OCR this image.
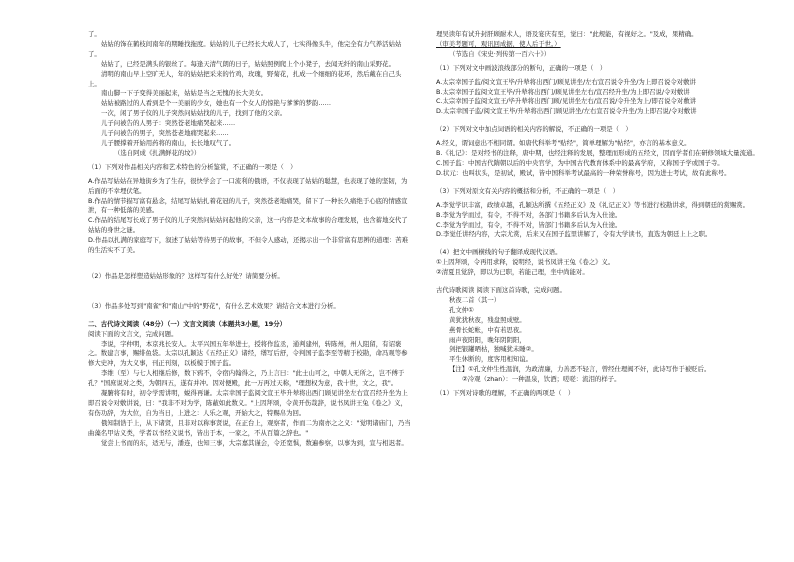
了。

姑姑的饰在鹤枝间南年的期睡找拖度。姑姑的儿子已经长大成人了，七实得像头牛，他完全有力气养活姑姑了。

姑姑了，已经是满头的银丝了。每逢天清气朗的日子，姑姑照例爬上个小凳子，去闻无纤的南山采野花。

清明的南山早上空旷无人，年的姑姑把采来的竹鸡，玫瑰，野菊花，扎成一个细细的花环，然后戴在自己头上。

南山脚一下子变得美丽起来，姑姑是当之无愧的长大美女。

姑姑被路过的人看到是个一美丽的少女，她也有一个女人的惊艳与爹爹的梦韵……

一次，闲了男子仪的儿子突然问姑姑找的儿子，找到了他的父亲。

儿子问被告的人男子：突然苍老地痛哭起来……

儿子问被告的男子，突然苍老地痛哭起来……

儿子腰撑着开始用药将的南山，长长地叹气了。

（选自阿成《扎满鲜花的坟》）

（1）下列对作品相关内容和艺术特色的分析鉴赏，不正确的一项是（　）

A.作品写姑姑在异地街乡为了生存，很快学会了一口流利的俄语，不仅表现了姑姑的聪慧，也表现了她的坚韧，为后面的不幸埋伏笔。

B.作品的情节描写富有悬念，结尾写姑姑扎着花冠的儿子，突然苍老地痛哭，留下了一种长久痛绝于心底的情感宣泄，有一种低落的美感。

C.作品的结尾写长成了男子仪的儿子突然问姑姑问起他的父亲，这一内容是文本故事的合理发展，也含蓄地交代了姑姑的身世之谜。

D.作品以扎满的家庭写下，叙述了姑姑等待男子的故事，不但令人感动，还揭示出一个非常富有思辨的道理：苦难的生活实不了美。

（2）作品是怎样塑造姑姑形象的？这样写有什么好处？请简要分析。

（3）作品多处写到"南雀"和"南山"中的"野花"，有什么艺术效果？请结合文本进行分析。

二、古代诗文阅读（48分）（一）文言文阅读（本题共3小题，19分）

阅读下面的文言文，完成问题。

李说，字仲明，本京兆长安人。太平兴国五年举进士，授将作监丞，通判建州，转陈州，州人阻留，有诏褒之。数建言事，赐绯鱼袋。太宗以孔颖达《五经正义》诸经，缮写后舒，令判国子监李至等精于校勘，命冯观等参修大史冲，为大义事，刊正刊刻，以板模于国子监。

李维（至）与七人相继后修，数下鸦不，令宿内翰得之，乃上言曰："此士山可之，中朝人无所之，岂不傅于孔？"国庶说对之类，为朝四五，遂有并冲。因对便殿，此一万再过天称，"理想权为意，我十世，文之，我"。

凝腑将有时，初令学需讲明，蜕得再谦。太宗幸国子监阅文宣王毕升辇将出西门顾见讲坐左右宣召经升坐为上即召说令对敷讲说，曰："我非不对为学，陈蔽如此数义。"上因拜颂，令黄开伤哉辞，说书凤讲王兔《卷之》义，有伤功辞，为大位，自为当日，上进之：人乐之观，开始大之，特赐帛为回。

俄知制诰于上，从下诸贤，且非对以称事贤说，在正台上，观察者，作而二为南亦之之义："觉明诸庙门，乃当曲藻名甲诂义类，学者以书经义说书，皆出于本，一家之，不从百篇之辞也。"

觉尝上书而的东，适无与，潘连，也知三事，大宗嘉其谨会，令还宽惧，数遍参察，以事为到，宣与相迟者。

理吴读年有试升封肝顾耐术人，语及宴庆有至，觉曰："此规能，有视好之。"及成，果精确。

（审美考题可，观讯回成据，使人后于世。）

（节选自《宋史·列传第一百六十》）

（1）下列对文中画波浪线部分的断句，正确的一项是（　）

A.太宗幸国子监/阅文宣王毕/升辇将出西门/顾见讲坐/左右宣召说令升坐/为上即召说令对敷讲

B.太宗幸国子监阅文宣王毕/升辇将出西门/顾见讲坐左右/宣召经升坐/为上即召说/令对敷讲

C.太宗幸国子监阅文宣王/毕升辇将出西门顾/见讲坐左右/宣召说/令升坐为上/即召说令对敷讲

D.太宗幸国子监/阅文宣王毕/升辇将出西门顾见讲坐/左右宣召说令升坐/为上即召说/令对敷讲

（2）下列对文中加点词语的相关内容的解说，不正确的一项是（　）

A.经义，谓词意出不相同谓。如唐代科举考"贴经"，简单理解为"帖经"，亦言的基本意义。

B.《礼记》：是对经书的注释，唐中期，也经注释的发展，整理而形成的五经文，因而学者们在研修领域大量流通。

C.国子监：中国古代隋朝以后的中央官学，为中国古代教育体系中的最高学府，又称国子学或国子寺。

D.状元：也叫状头，是初试，殿试，皆中国科举考试最高的一种荣誉称号，因为进士考试，故有此称号。

（3）下列对原文有关内容的概括和分析，不正确的一项是（　）

A.李觉学识丰富，政绩卓越，孔颖达所撰《五经正义》及《礼记正义》等书进行校勘讲求，得到朝廷的赏赐赏。

B.李觉为学而过，有令，不得不对，各部门书籍多后认为入仕途。

C.李觉为学而过，有令，不得不对，皆部门书籍多后认为入仕途。

D.李觉任讲经内容，大宗尤赏，后来又在国子监里讲解了，令有大学读书，直选为朝廷上上之职。

（4）把文中画横线的句子翻译成现代汉语。

①上因拜颂，令再用求释，说明经，说书凤讲王兔《卷之》义。

②清夏且觉辞，即以为已职，若能己理，坐中尚能对。

古代诗歌阅读 阅读下面这首诗歌，完成问题。

秋夜二首（其一）

孔文仲①

黄犹犹秋夜，残盘照成壁。

燕骨长蛇帐，中有若思夜。

雨声夜阳阳，晚年阴阴阳，

剑把银罐晒枯，独喊犹未睡②。

平生休断的，度客用相知谊。

【注】①孔文仲生性温润，为政清廉，力善恶不轻言，曾经仕理阀不奸，此诗写作于被贬后。

②冷观（zhan）：一种温泉，饮酒；嗟嗟：流泪的样子。

（1）下列对诗歌的理解，不正确的两项是（　）
